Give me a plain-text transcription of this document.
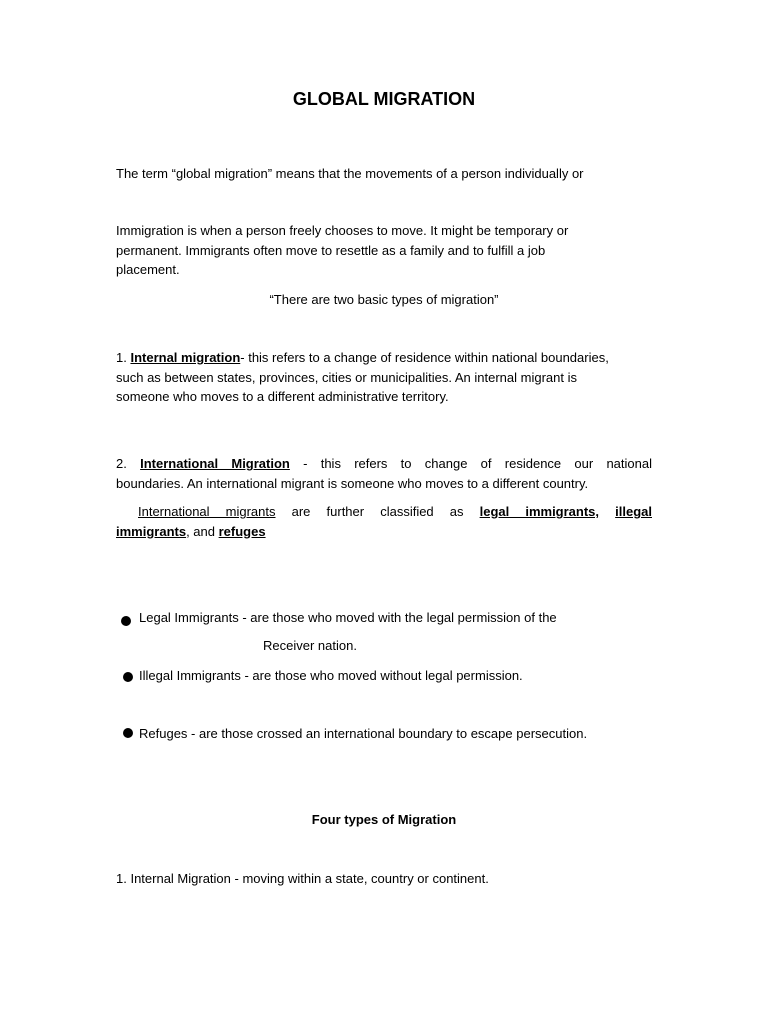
GLOBAL MIGRATION

The term “global migration” means that the movements of a person individually or

Immigration is when a person freely chooses to move. It might be temporary or
permanent. Immigrants often move to resettle as a family and to fulfill a job
placement.

“There are two basic types of migration”

1. Internal migration- this refers to a change of residence within national boundaries,
such as between states, provinces, cities or municipalities. An internal migrant is
someone who moves to a different administrative territory.
2. International Migration - this refers to change of residence our national
boundaries. An international migrant is someone who moves to a different country.
International migrants are further classified as legal immigrants, illegal
immigrants, and refuges

Legal Immigrants - are those who moved with the legal permission of the

Receiver nation.

Illegal Immigrants - are those who moved without legal permission.

Refuges - are those crossed an international boundary to escape persecution.

Four types of Migration

1. Internal Migration - moving within a state, country or continent.
